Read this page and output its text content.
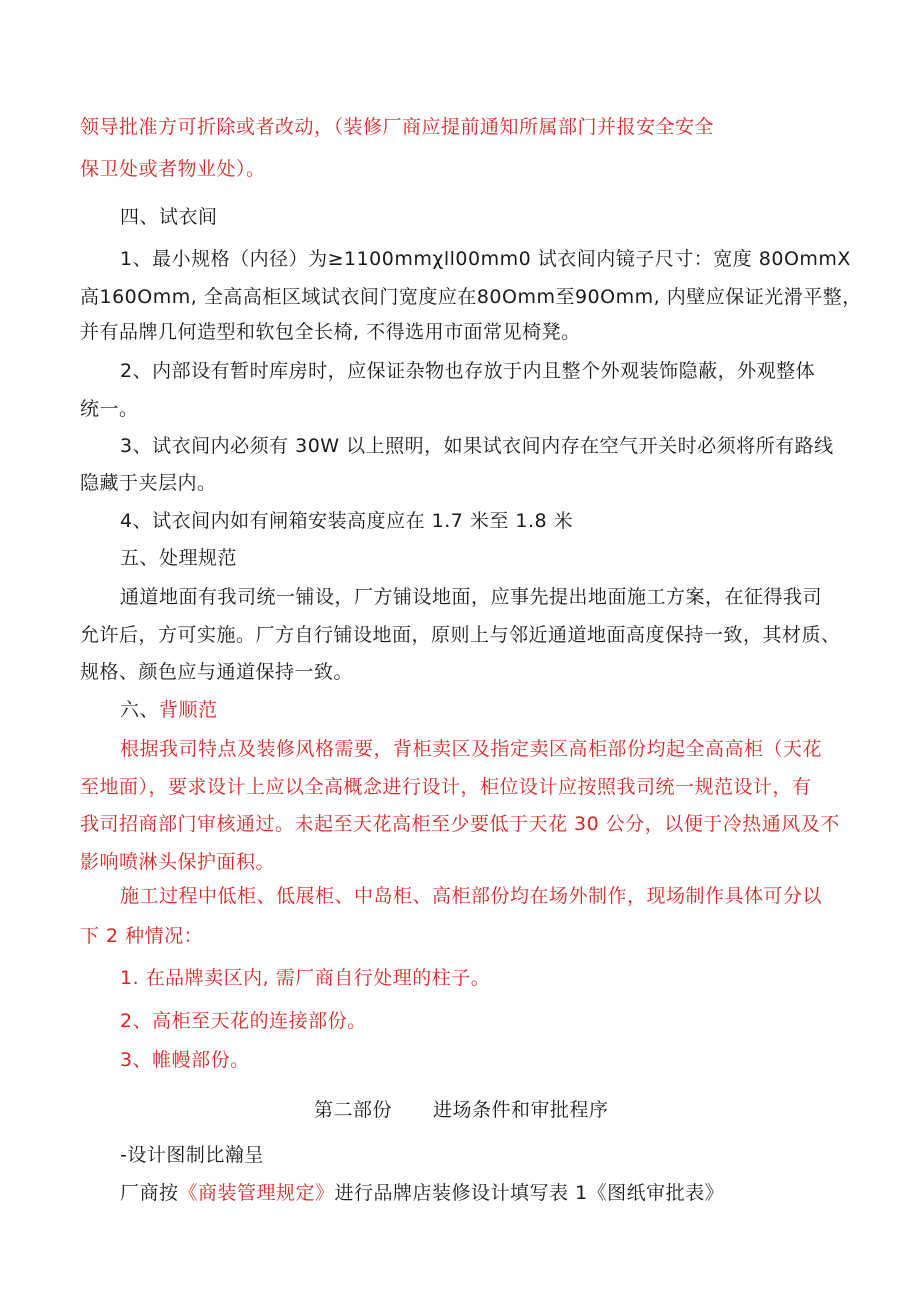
领导批准方可折除或者改动，（装修厂商应提前通知所属部门并报安全安全
保卫处或者物业处）。
四、试衣间
1、最小规格（内径）为≥1100mmχll00mm0 试衣间内镜子尺寸：宽度 80OmmX
高160Omm, 全高高柜区域试衣间门宽度应在80Omm至90Omm, 内壁应保证光滑平整，
并有品牌几何造型和软包全长椅, 不得选用市面常见椅凳。
2、内部设有暂时库房时，应保证杂物也存放于内且整个外观装饰隐蔽，外观整体
统一。
3、试衣间内必须有 30W 以上照明，如果试衣间内存在空气开关时必须将所有路线
隐藏于夹层内。
4、试衣间内如有闸箱安装高度应在 1.7 米至 1.8 米
五、处理规范
通道地面有我司统一铺设，厂方铺设地面，应事先提出地面施工方案，在征得我司
允许后，方可实施。厂方自行铺设地面，原则上与邻近通道地面高度保持一致，其材质、
规格、颜色应与通道保持一致。
六、背顺范
根据我司特点及装修风格需要，背柜卖区及指定卖区高柜部份均起全高高柜（天花
至地面），要求设计上应以全高概念进行设计，柜位设计应按照我司统一规范设计，有
我司招商部门审核通过。未起至天花高柜至少要低于天花 30 公分，以便于冷热通风及不
影响喷淋头保护面积。
施工过程中低柜、低展柜、中岛柜、高柜部份均在场外制作，现场制作具体可分以
下 2 种情况：
1. 在品牌卖区内, 需厂商自行处理的柱子。
2、高柜至天花的连接部份。
3、帷幔部份。
第二部份 进场条件和审批程序
-设计图制比瀚呈
厂商按《商装管理规定》进行品牌店装修设计填写表 1《图纸审批表》
